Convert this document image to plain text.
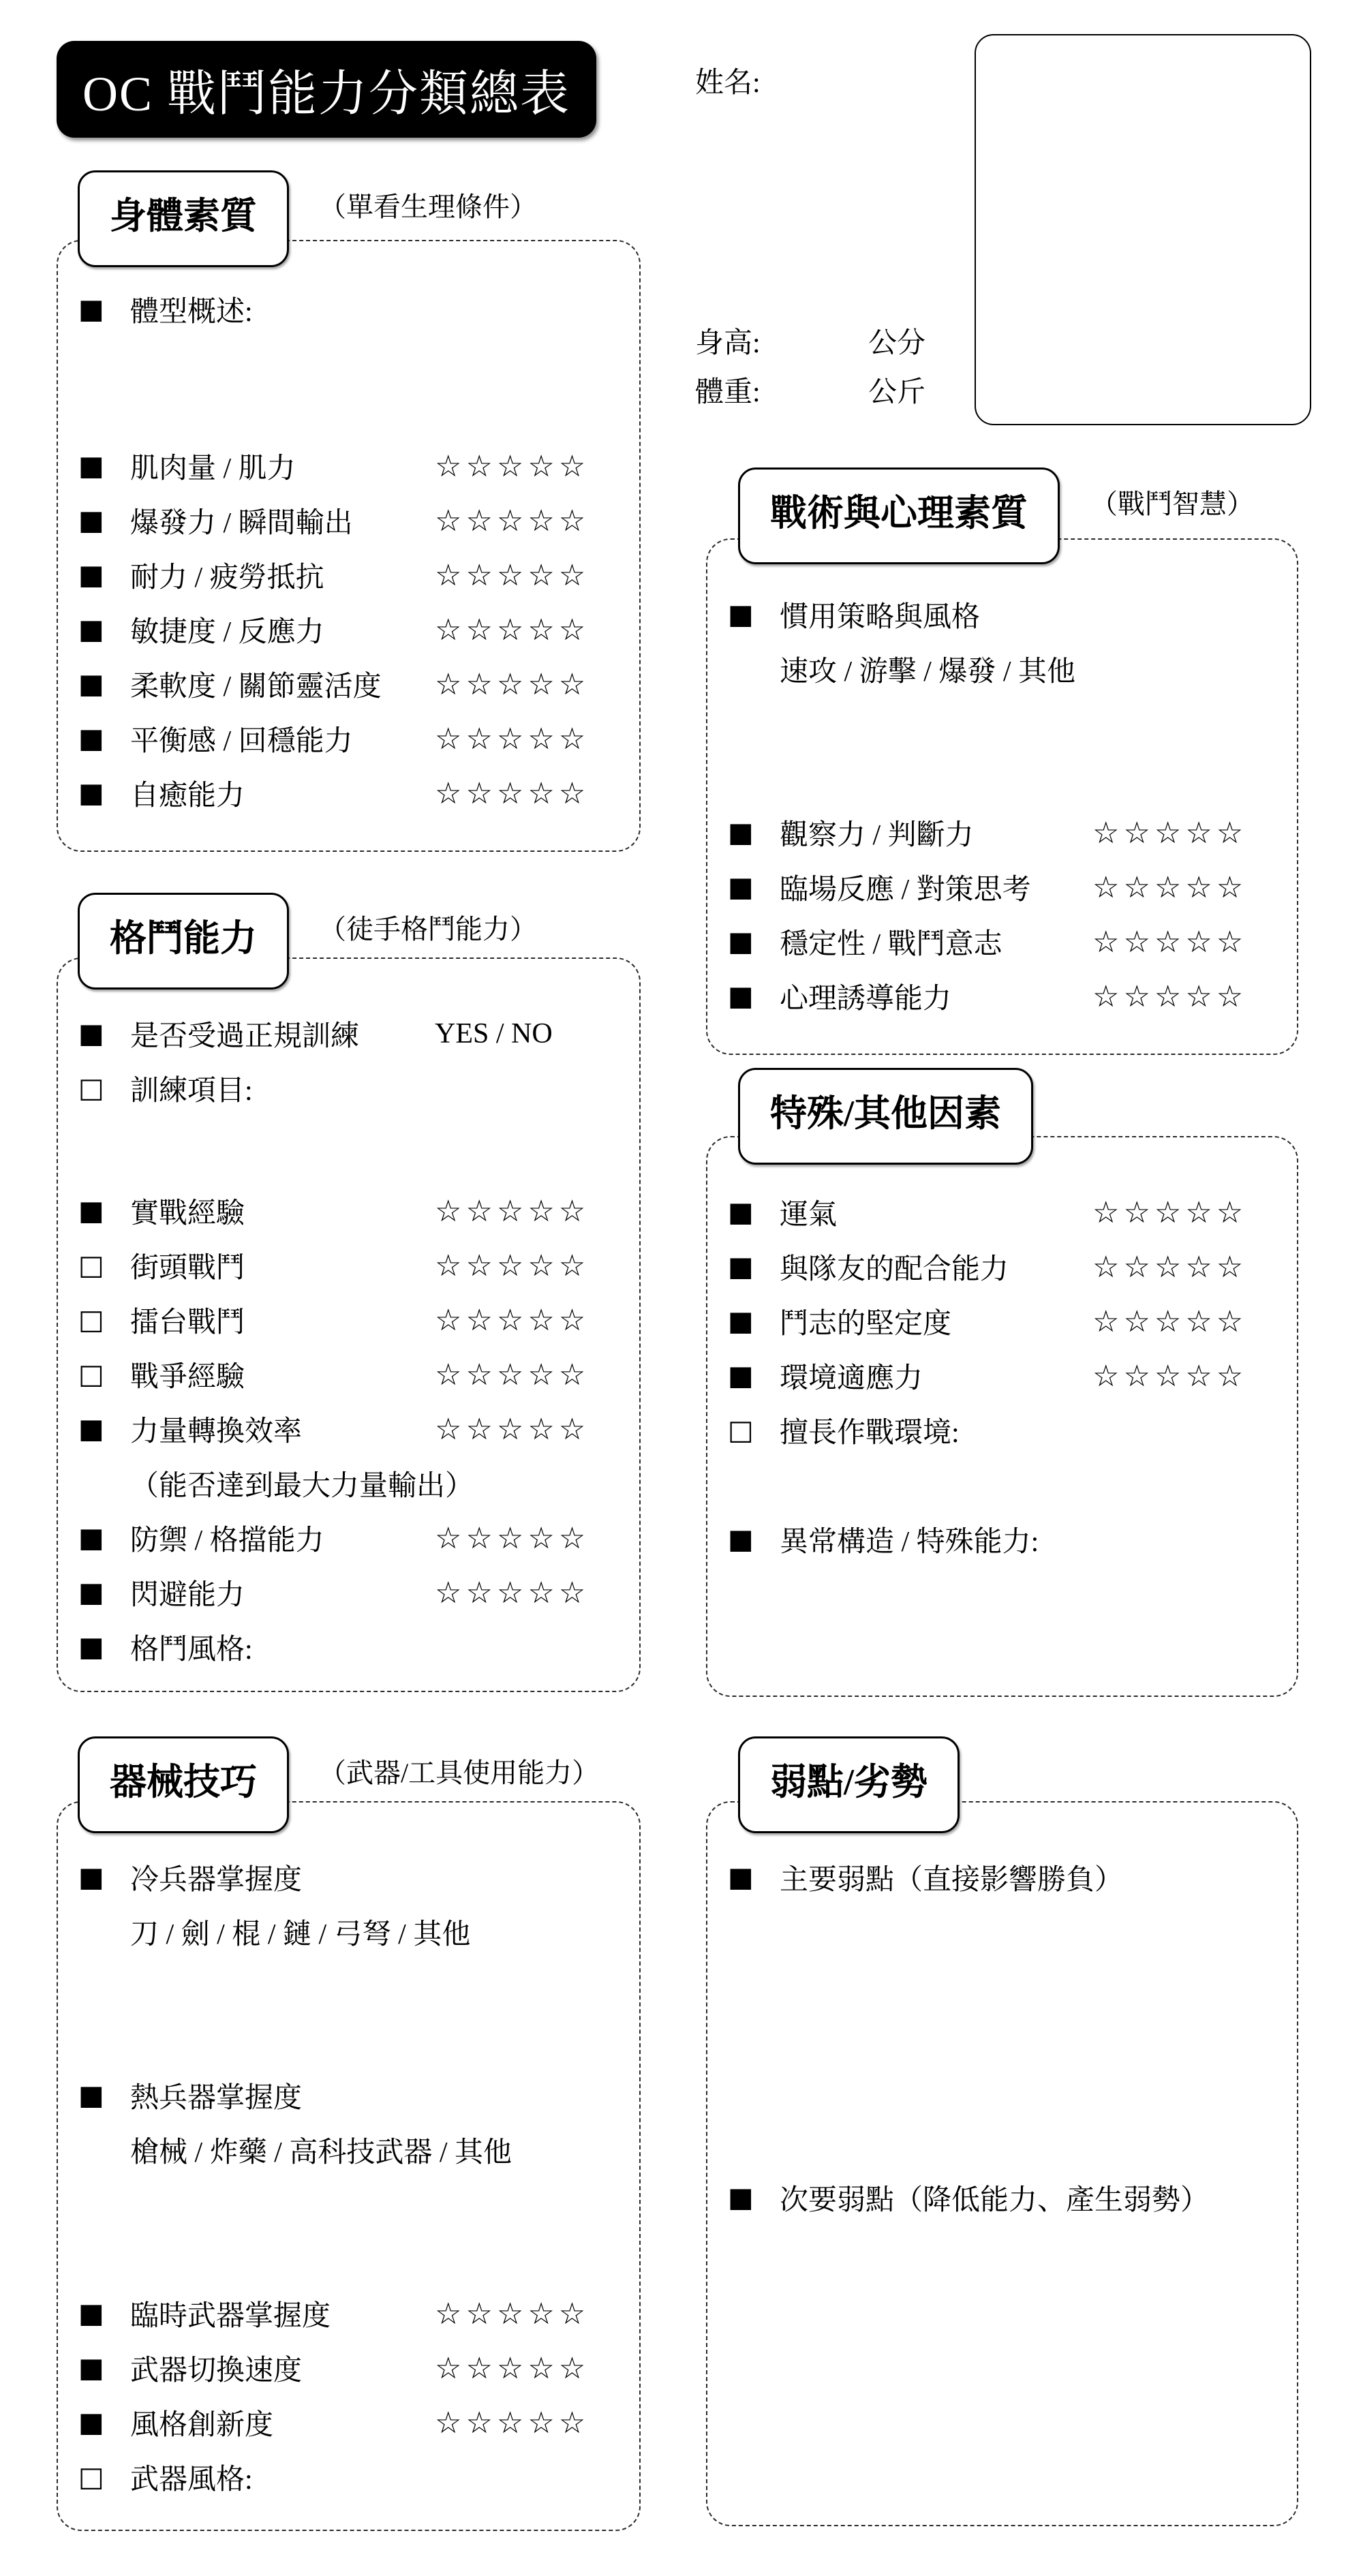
OC 戰鬥能力分類總表	姓名:
身高:	公分
體重:	公斤
身體素質	（單看生理條件）
■ 體型概述:
■ 肌肉量 / 肌力	☆☆☆☆☆
■ 爆發力 / 瞬間輸出	☆☆☆☆☆
■ 耐力 / 疲勞抵抗	☆☆☆☆☆
■ 敏捷度 / 反應力	☆☆☆☆☆
■ 柔軟度 / 關節靈活度	☆☆☆☆☆
■ 平衡感 / 回穩能力	☆☆☆☆☆
■ 自癒能力	☆☆☆☆☆
格鬥能力	（徒手格鬥能力）
■ 是否受過正規訓練	YES / NO
□ 訓練項目:
■ 實戰經驗	☆☆☆☆☆
□ 街頭戰鬥	☆☆☆☆☆
□ 擂台戰鬥	☆☆☆☆☆
□ 戰爭經驗	☆☆☆☆☆
■ 力量轉換效率	☆☆☆☆☆
（能否達到最大力量輸出）
■ 防禦 / 格擋能力	☆☆☆☆☆
■ 閃避能力	☆☆☆☆☆
■ 格鬥風格:
器械技巧	（武器/工具使用能力）
■ 冷兵器掌握度
刀 / 劍 / 棍 / 鏈 / 弓弩 / 其他
■ 熱兵器掌握度
槍械 / 炸藥 / 高科技武器 / 其他
■ 臨時武器掌握度	☆☆☆☆☆
■ 武器切換速度	☆☆☆☆☆
■ 風格創新度	☆☆☆☆☆
□ 武器風格:
戰術與心理素質	（戰鬥智慧）
■ 慣用策略與風格
速攻 / 游擊 / 爆發 / 其他
■ 觀察力 / 判斷力	☆☆☆☆☆
■ 臨場反應 / 對策思考	☆☆☆☆☆
■ 穩定性 / 戰鬥意志	☆☆☆☆☆
■ 心理誘導能力	☆☆☆☆☆
特殊/其他因素
■ 運氣	☆☆☆☆☆
■ 與隊友的配合能力	☆☆☆☆☆
■ 鬥志的堅定度	☆☆☆☆☆
■ 環境適應力	☆☆☆☆☆
□ 擅長作戰環境:
■ 異常構造 / 特殊能力:
弱點/劣勢
■ 主要弱點（直接影響勝負）
■ 次要弱點（降低能力、產生弱勢）
